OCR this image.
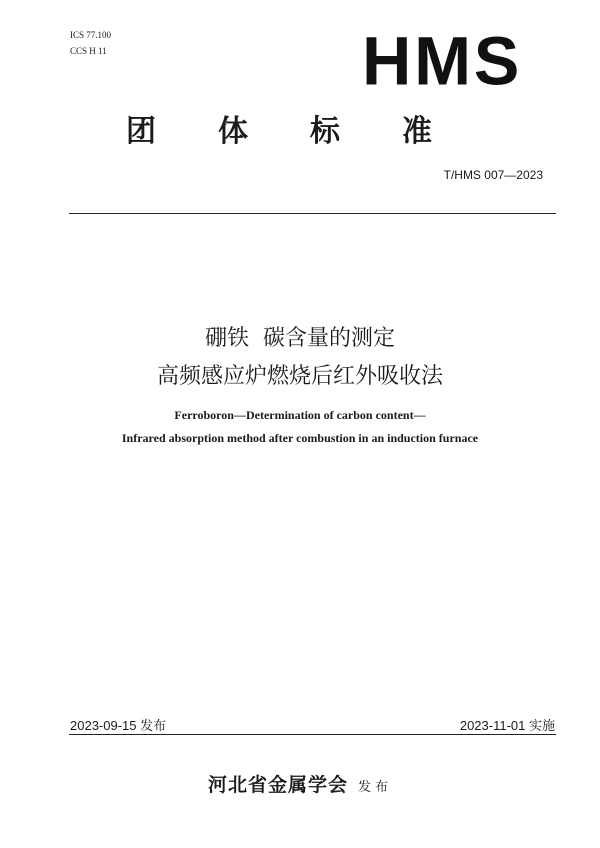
ICS 77.100
CCS H 11	HMS
团体标准
T/HMS 007—2023
硼铁  碳含量的测定
高频感应炉燃烧后红外吸收法
Ferroboron—Determination of carbon content—
Infrared absorption method after combustion in an induction furnace
2023-09-15 发布	2023-11-01 实施
河北省金属学会 发布
